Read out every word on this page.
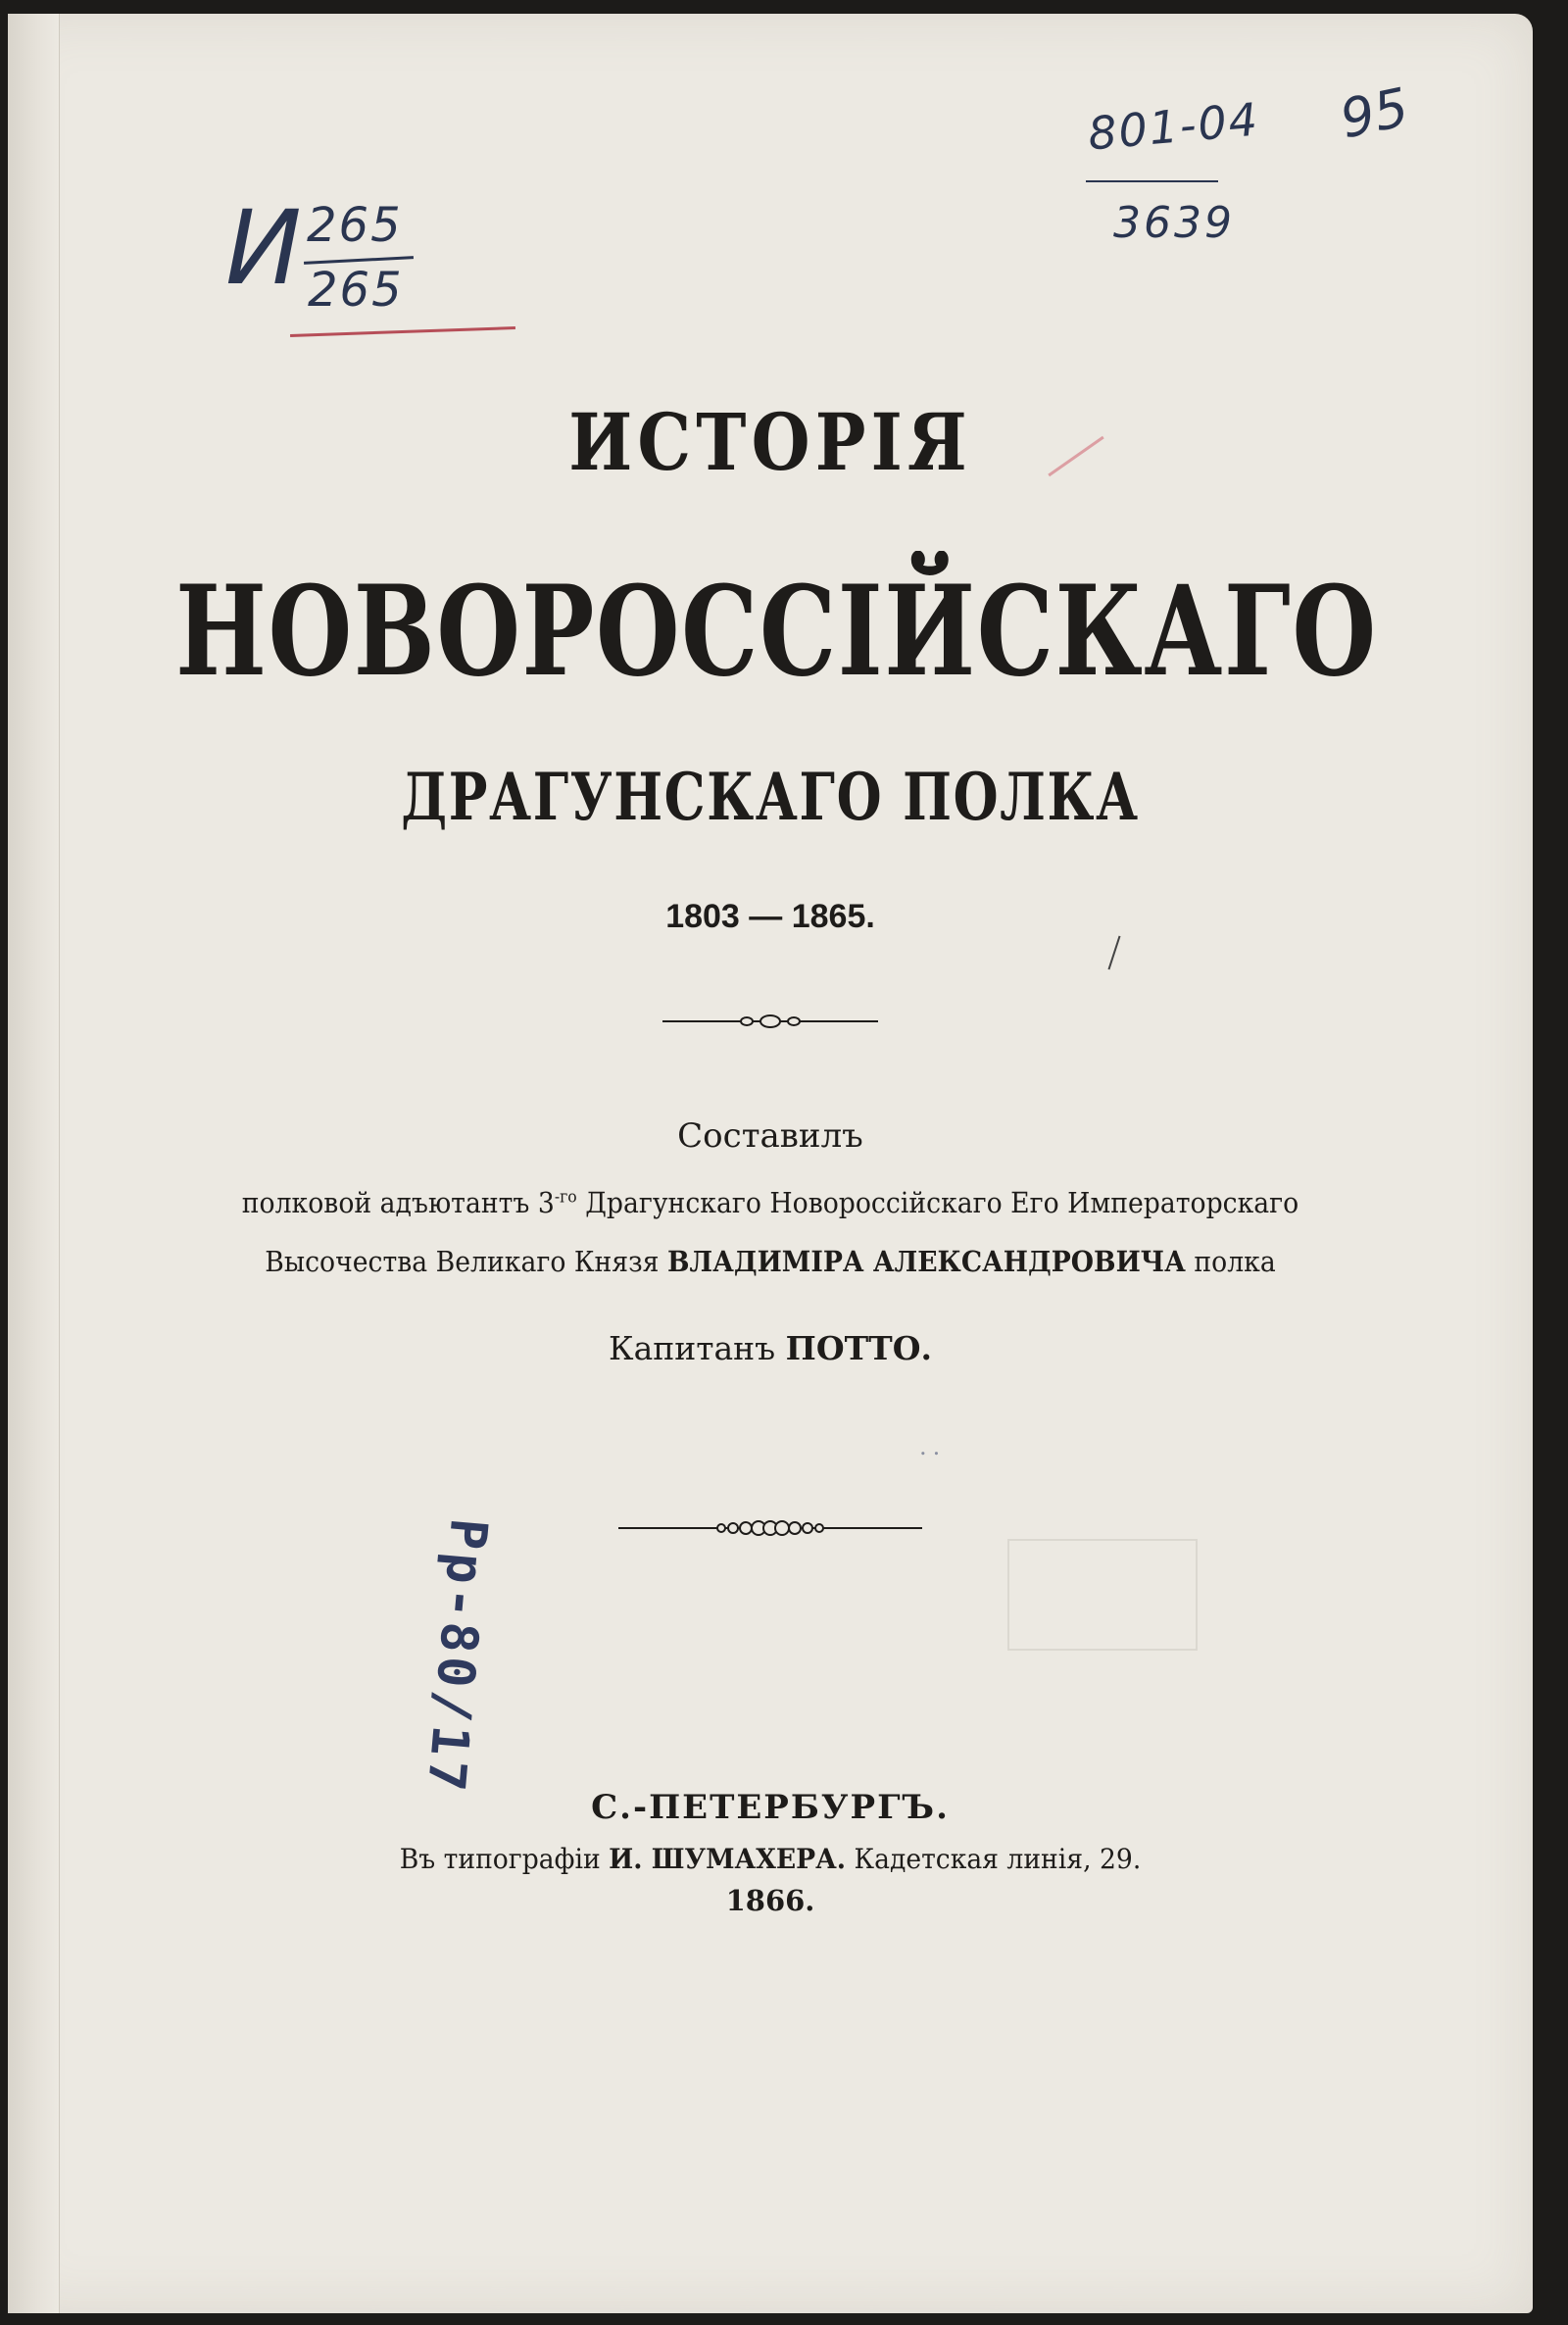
И 265
265
801-04
3639
95
ИСТОРІЯ
НОВОРОССІЙСКАГО
ДРАГУНСКАГО ПОЛКА
1803 — 1865.
Составилъ
полковой адъютантъ $3^{-го}$ Драгунскаго Новороссійскаго Его Императорскаго
Высочества Великаго Князя ВЛАДИМІРА АЛЕКСАНДРОВИЧА полка
Капитанъ ПОТТО.
..
Рр-80/17
С.-ПЕТЕРБУРГЪ.
Въ типографіи И. ШУМАХЕРА. Кадетская линія, 29.
1866.
